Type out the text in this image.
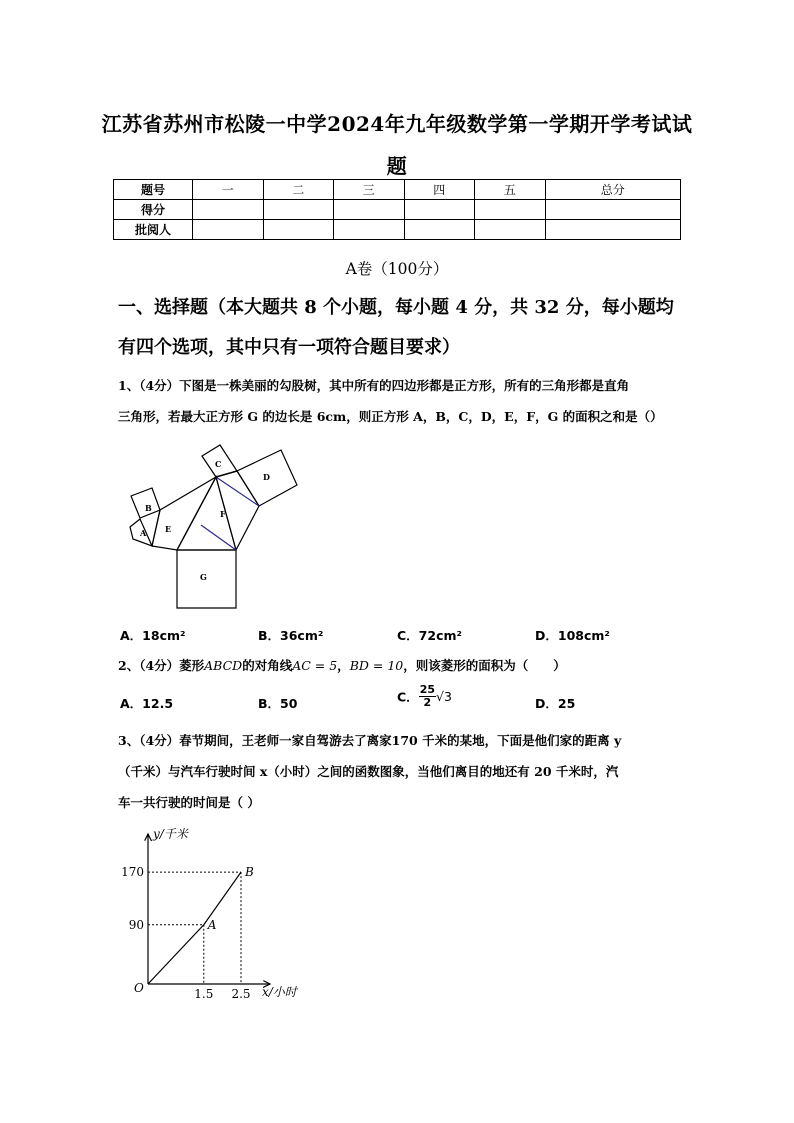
江苏省苏州市松陵一中学2024年九年级数学第一学期开学考试试
题
题号	一	二	三	四	五	总分
得分						
批阅人						
A卷（100分）
一、选择题（本大题共 8 个小题，每小题 4 分，共 32 分，每小题均
有四个选项，其中只有一项符合题目要求）
1、（4分）下图是一株美丽的勾股树，其中所有的四边形都是正方形，所有的三角形都是直角
三角形，若最大正方形 G 的边长是 6cm，则正方形 A，B，C，D，E，F，G 的面积之和是（）
A
B
C
D
E
F
G
A．18cm²	B．36cm²	C．72cm²	D．108cm²
2、（4分）菱形ABCD的对角线AC = 5，BD = 10，则该菱形的面积为（　　）
A．12.5	B．50	C． $\frac{25}{2} √3$	D．25
3、（4分）春节期间，王老师一家自驾游去了离家170 千米的某地，下面是他们家的距离 y
（千米）与汽车行驶时间 x（小时）之间的函数图象，当他们离目的地还有 20 千米时，汽
车一共行驶的时间是（ ）
A
B
90
170
1.5 2.5
y/千米
x/小时
O
